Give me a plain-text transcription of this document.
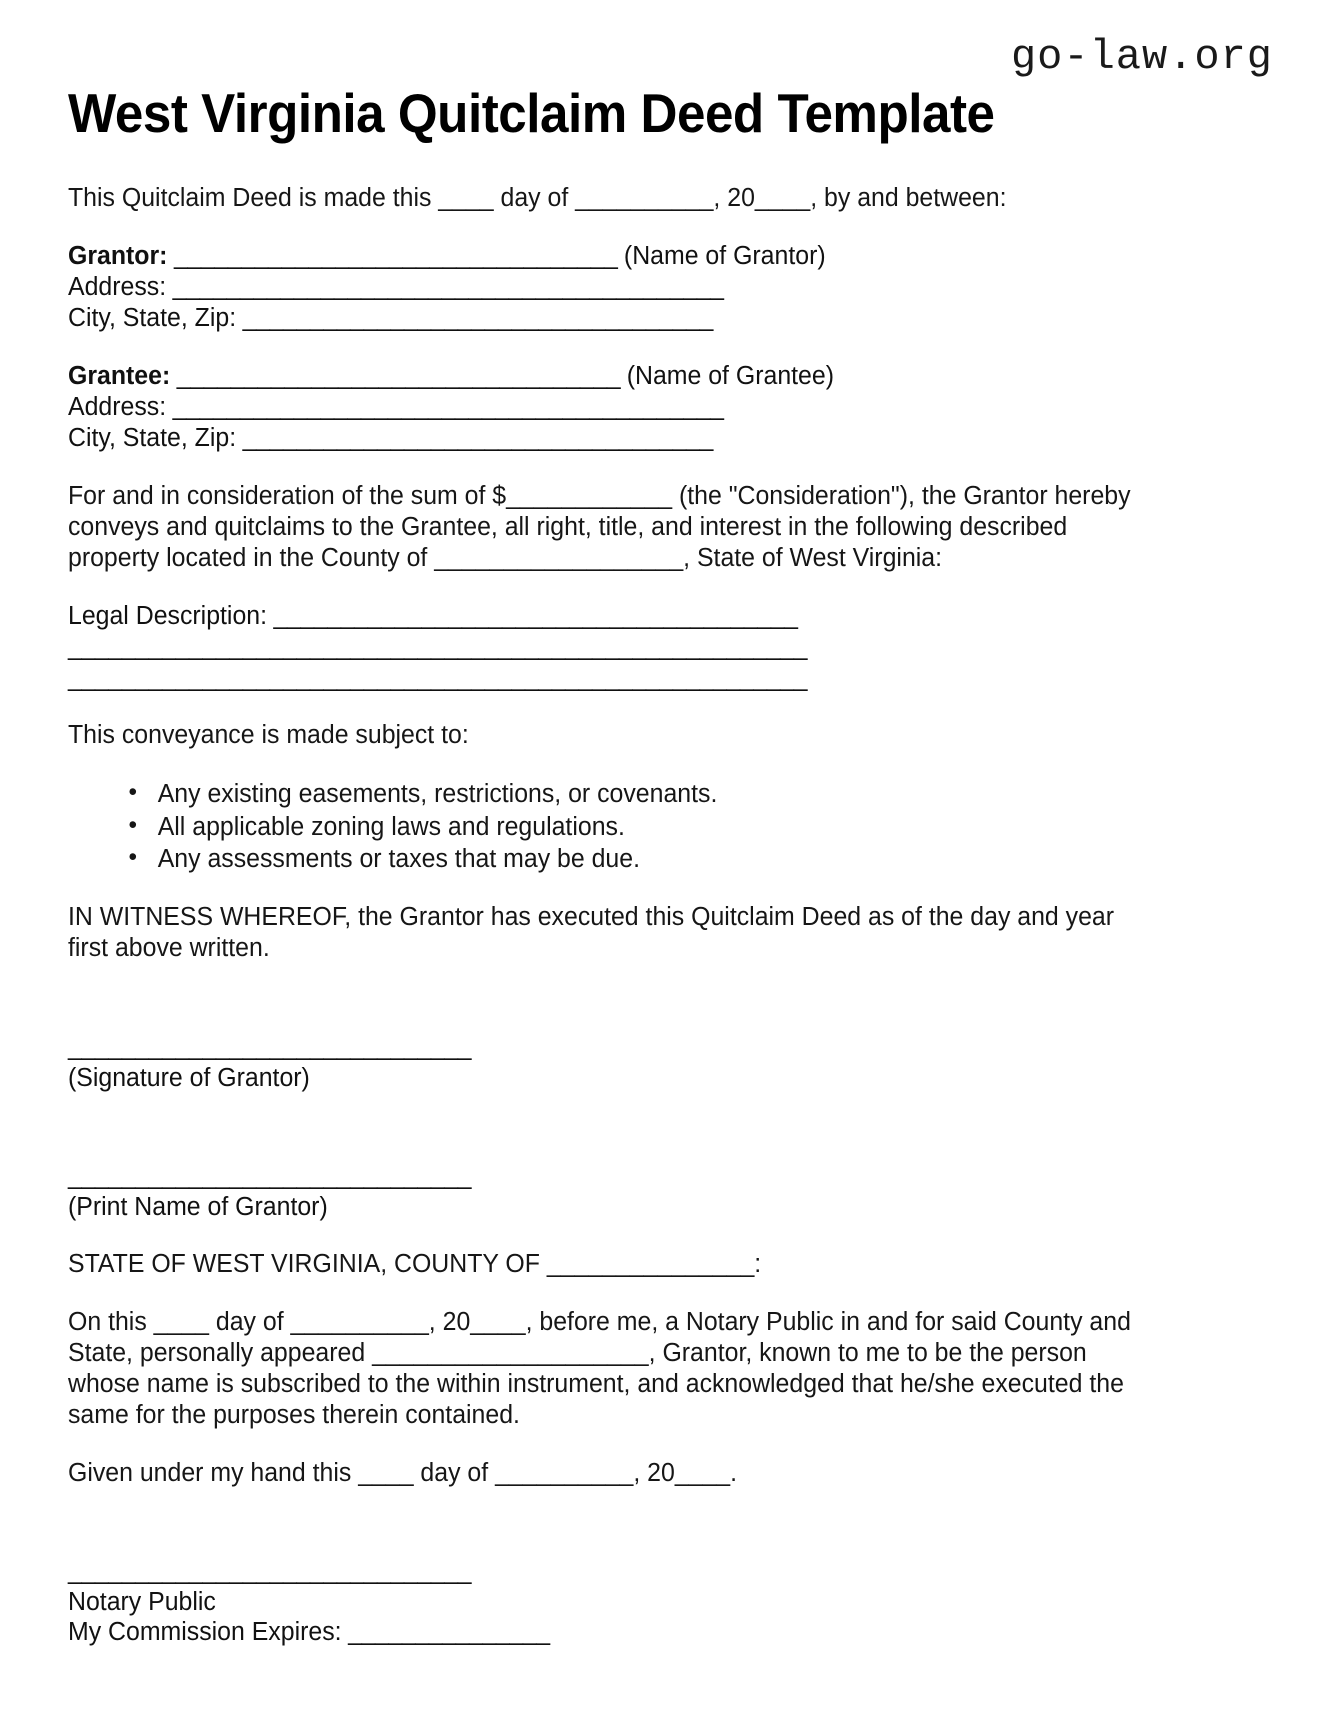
go-law.org
West Virginia Quitclaim Deed Template

This Quitclaim Deed is made this ____ day of __________, 20____, by and between:

Grantor: _________________________________ (Name of Grantor)
Address: _________________________________________
City, State, Zip: ___________________________________
Grantee: _________________________________ (Name of Grantee)
Address: _________________________________________
City, State, Zip: ___________________________________

For and in consideration of the sum of $____________ (the "Consideration"), the Grantor hereby conveys and quitclaims to the Grantee, all right, title, and interest in the following described property located in the County of __________________, State of West Virginia:

Legal Description: _______________________________________
_______________________________________________________
_______________________________________________________

This conveyance is made subject to:

• Any existing easements, restrictions, or covenants.
• All applicable zoning laws and regulations.
• Any assessments or taxes that may be due.

IN WITNESS WHEREOF, the Grantor has executed this Quitclaim Deed as of the day and year first above written.

______________________________
(Signature of Grantor)
______________________________
(Print Name of Grantor)

STATE OF WEST VIRGINIA, COUNTY OF _______________:

On this ____ day of __________, 20____, before me, a Notary Public in and for said County and State, personally appeared ____________________, Grantor, known to me to be the person whose name is subscribed to the within instrument, and acknowledged that he/she executed the same for the purposes therein contained.

Given under my hand this ____ day of __________, 20____.

______________________________
Notary Public
My Commission Expires: _______________
